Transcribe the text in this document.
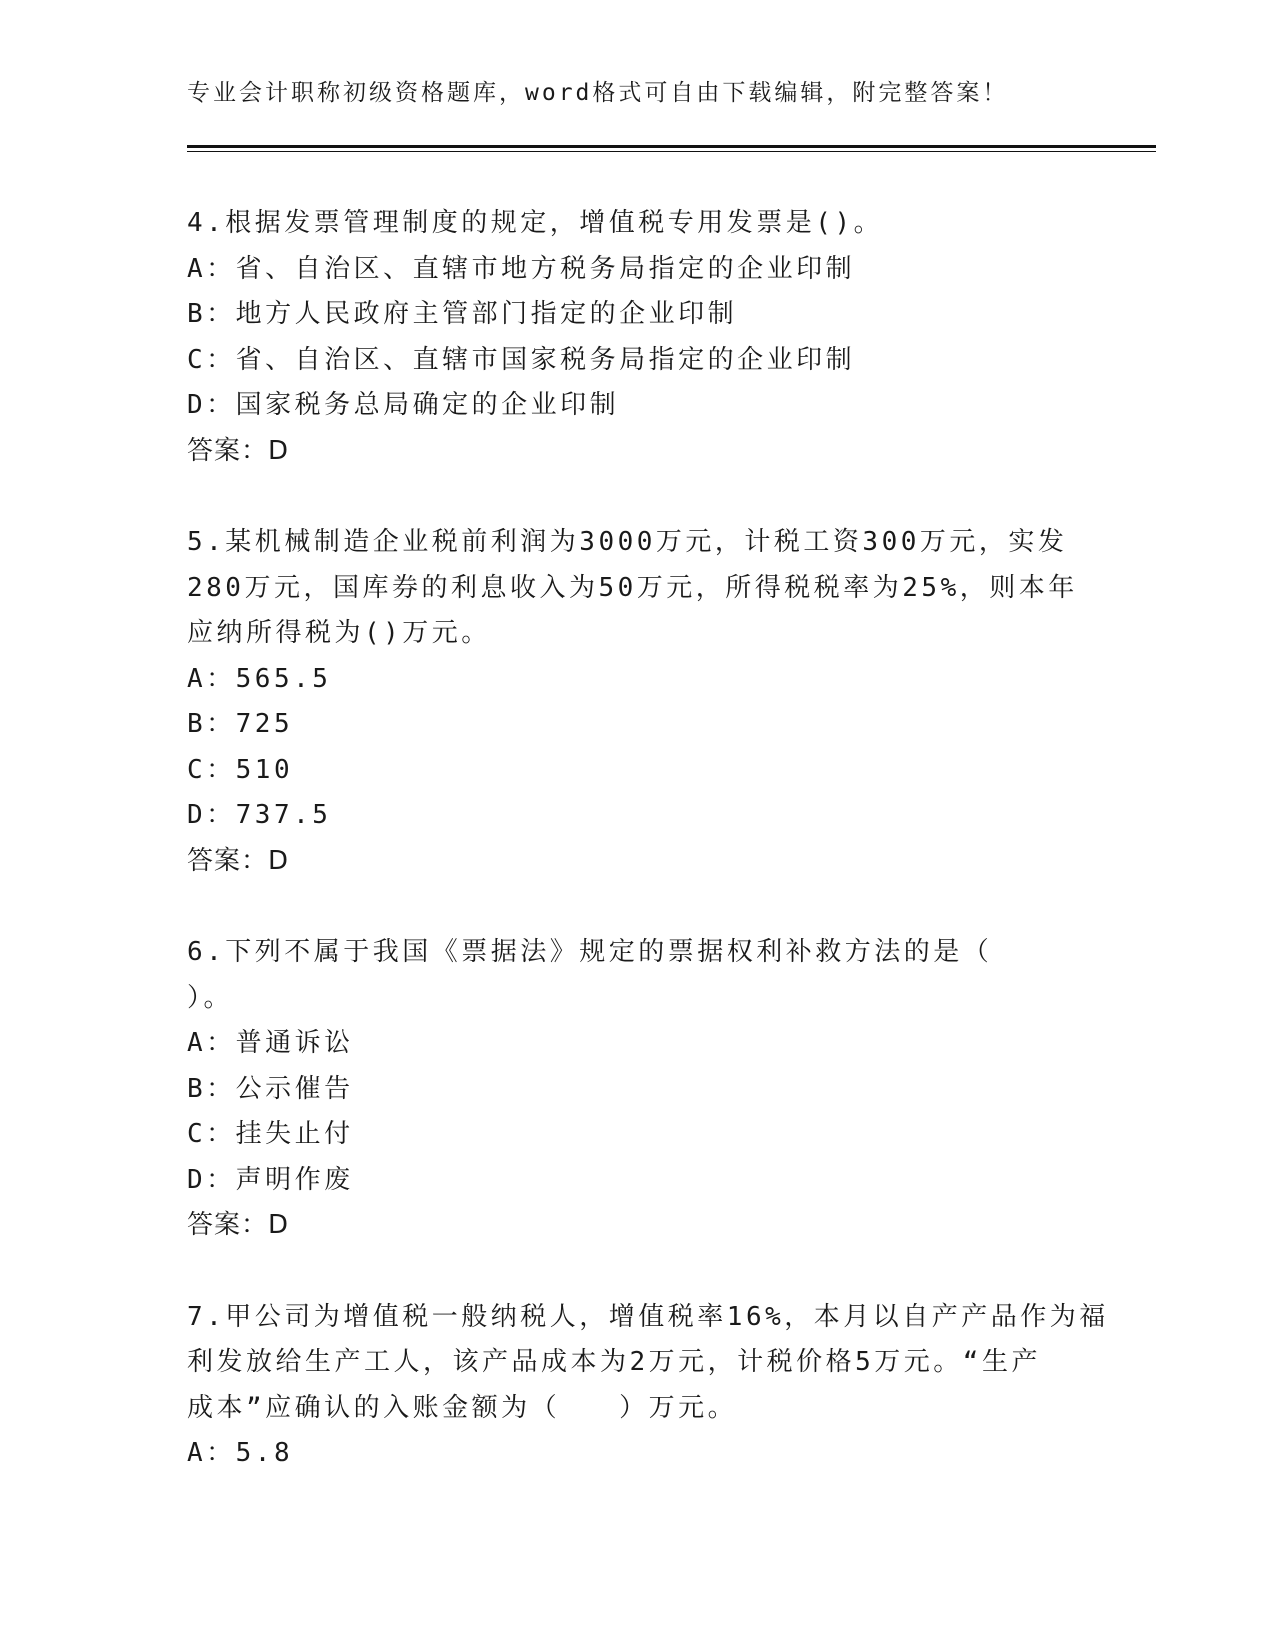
专业会计职称初级资格题库，word格式可自由下载编辑，附完整答案！
4.根据发票管理制度的规定，增值税专用发票是()。
A：省、自治区、直辖市地方税务局指定的企业印制
B：地方人民政府主管部门指定的企业印制
C：省、自治区、直辖市国家税务局指定的企业印制
D：国家税务总局确定的企业印制
答案：D
5.某机械制造企业税前利润为3000万元，计税工资300万元，实发
280万元，国库券的利息收入为50万元，所得税税率为25%，则本年
应纳所得税为()万元。
A：565.5
B：725
C：510
D：737.5
答案：D
6.下列不属于我国《票据法》规定的票据权利补救方法的是（
）。
A：普通诉讼
B：公示催告
C：挂失止付
D：声明作废
答案：D
7.甲公司为增值税一般纳税人，增值税率16%，本月以自产产品作为福
利发放给生产工人，该产品成本为2万元，计税价格5万元。“生产
成本”应确认的入账金额为（　　）万元。
A：5.8
